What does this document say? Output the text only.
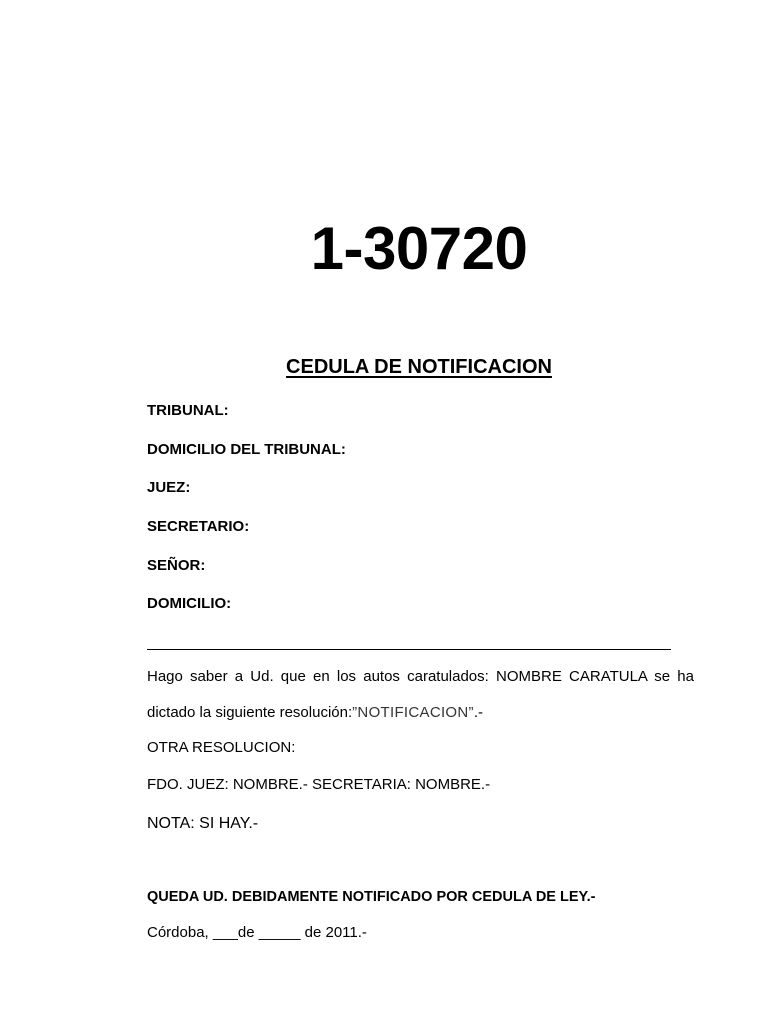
1-30720
CEDULA DE NOTIFICACION
TRIBUNAL:
DOMICILIO DEL TRIBUNAL:
JUEZ:
SECRETARIO:
SEÑOR:
DOMICILIO:
Hago saber a Ud. que en los autos caratulados: NOMBRE CARATULA se ha
dictado la siguiente resolución:”NOTIFICACION”.-
OTRA RESOLUCION:
FDO. JUEZ: NOMBRE.- SECRETARIA: NOMBRE.-
NOTA: SI HAY.-
QUEDA UD. DEBIDAMENTE NOTIFICADO POR CEDULA DE LEY.-
Córdoba, ___de _____ de 2011.-
